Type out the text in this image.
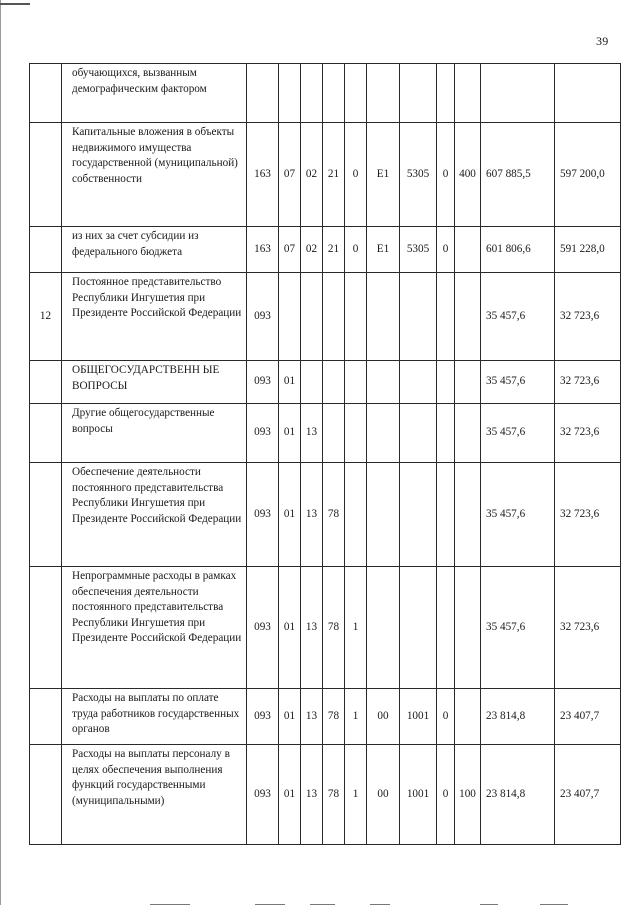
39
	обучающихся, вызванным демографическим фактором											
	Капитальные вложения в объекты недвижимого имущества государственной (муниципальной) собственности	163	07	02	21	0	E1	5305	0	400	607 885,5	597 200,0
	из них за счет субсидии из федерального бюджета	163	07	02	21	0	E1	5305	0		601 806,6	591 228,0
12	Постоянное представительство Республики Ингушетия при Президенте Российской Федерации	093									35 457,6	32 723,6
	ОБЩЕГОСУДАРСТВЕНН ЫЕ ВОПРОСЫ	093	01								35 457,6	32 723,6
	Другие общегосударственные вопросы	093	01	13							35 457,6	32 723,6
	Обеспечение деятельности постоянного представительства Республики Ингушетия при Президенте Российской Федерации	093	01	13	78						35 457,6	32 723,6
	Непрограммные расходы в рамках обеспечения деятельности постоянного представительства Республики Ингушетия при Президенте Российской Федерации	093	01	13	78	1					35 457,6	32 723,6
	Расходы на выплаты по оплате труда работников государственных органов	093	01	13	78	1	00	1001	0		23 814,8	23 407,7
	Расходы на выплаты персоналу в целях обеспечения выполнения функций государственными (муниципальными)	093	01	13	78	1	00	1001	0	100	23 814,8	23 407,7
